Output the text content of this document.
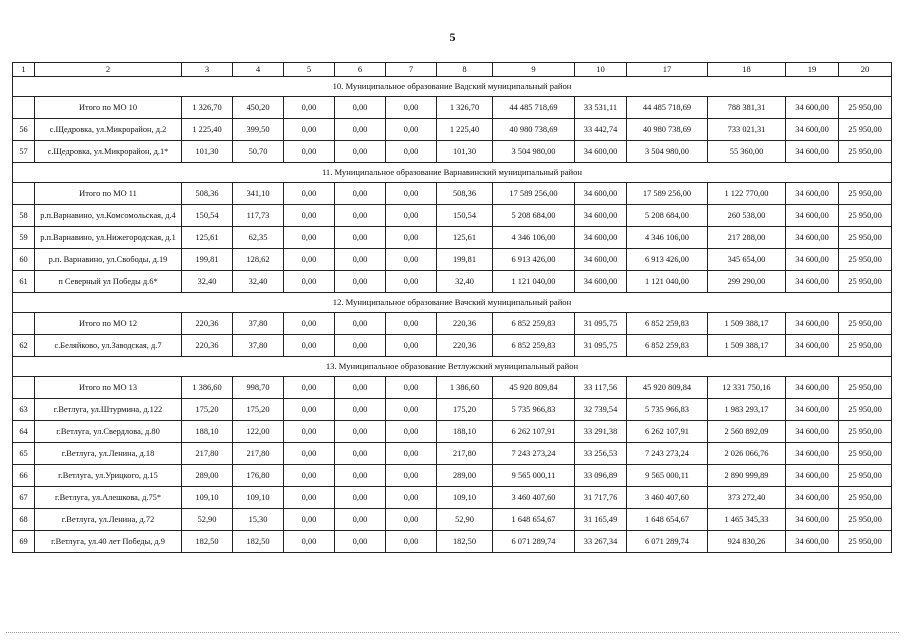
5
1	2	3	4	5	6	7	8	9	10	17	18	19	20
10. Муниципальное образование Вадский муниципальный район													
	Итого по МО 10	1 326,70	450,20	0,00	0,00	0,00	1 326,70	44 485 718,69	33 531,11	44 485 718,69	788 381,31	34 600,00	25 950,00
56	с.Щедровка, ул.Микрорайон, д.2	1 225,40	399,50	0,00	0,00	0,00	1 225,40	40 980 738,69	33 442,74	40 980 738,69	733 021,31	34 600,00	25 950,00
57	с.Щедровка, ул.Микрорайон, д.1*	101,30	50,70	0,00	0,00	0,00	101,30	3 504 980,00	34 600,00	3 504 980,00	55 360,00	34 600,00	25 950,00
11. Муниципальное образование Варнавинский муниципальный район													
	Итого по МО 11	508,36	341,10	0,00	0,00	0,00	508,36	17 589 256,00	34 600,00	17 589 256,00	1 122 770,00	34 600,00	25 950,00
58	р.п.Варнавино, ул.Комсомольская, д.4	150,54	117,73	0,00	0,00	0,00	150,54	5 208 684,00	34 600,00	5 208 684,00	260 538,00	34 600,00	25 950,00
59	р.п.Варнавино, ул.Нижегородская, д.1	125,61	62,35	0,00	0,00	0,00	125,61	4 346 106,00	34 600,00	4 346 106,00	217 288,00	34 600,00	25 950,00
60	р.п. Варнавино, ул.Свободы, д.19	199,81	128,62	0,00	0,00	0,00	199,81	6 913 426,00	34 600,00	6 913 426,00	345 654,00	34 600,00	25 950,00
61	п Северный ул Победы д.6*	32,40	32,40	0,00	0,00	0,00	32,40	1 121 040,00	34 600,00	1 121 040,00	299 290,00	34 600,00	25 950,00
12. Муниципальное образование Вачский муниципальный район													
	Итого по МО 12	220,36	37,80	0,00	0,00	0,00	220,36	6 852 259,83	31 095,75	6 852 259,83	1 509 388,17	34 600,00	25 950,00
62	с.Беляйково, ул.Заводская, д.7	220,36	37,80	0,00	0,00	0,00	220,36	6 852 259,83	31 095,75	6 852 259,83	1 509 388,17	34 600,00	25 950,00
13. Муниципальное образование Ветлужский муниципальный район													
	Итого по МО 13	1 386,60	998,70	0,00	0,00	0,00	1 386,60	45 920 809,84	33 117,56	45 920 809,84	12 331 750,16	34 600,00	25 950,00
63	г.Ветлуга, ул.Штурмина, д.122	175,20	175,20	0,00	0,00	0,00	175,20	5 735 966,83	32 739,54	5 735 966,83	1 983 293,17	34 600,00	25 950,00
64	г.Ветлуга, ул.Свердлова, д.80	188,10	122,00	0,00	0,00	0,00	188,10	6 262 107,91	33 291,38	6 262 107,91	2 560 892,09	34 600,00	25 950,00
65	г.Ветлуга, ул.Ленина, д.18	217,80	217,80	0,00	0,00	0,00	217,80	7 243 273,24	33 256,53	7 243 273,24	2 026 066,76	34 600,00	25 950,00
66	г.Ветлуга, ул.Урицкого, д.15	289,00	176,80	0,00	0,00	0,00	289,00	9 565 000,11	33 096,89	9 565 000,11	2 890 999,89	34 600,00	25 950,00
67	г.Ветлуга, ул.Алешкова, д.75*	109,10	109,10	0,00	0,00	0,00	109,10	3 460 407,60	31 717,76	3 460 407,60	373 272,40	34 600,00	25 950,00
68	г.Ветлуга, ул.Ленина, д.72	52,90	15,30	0,00	0,00	0,00	52,90	1 648 654,67	31 165,49	1 648 654,67	1 465 345,33	34 600,00	25 950,00
69	г.Ветлуга, ул.40 лет Победы, д.9	182,50	182,50	0,00	0,00	0,00	182,50	6 071 289,74	33 267,34	6 071 289,74	924 830,26	34 600,00	25 950,00
